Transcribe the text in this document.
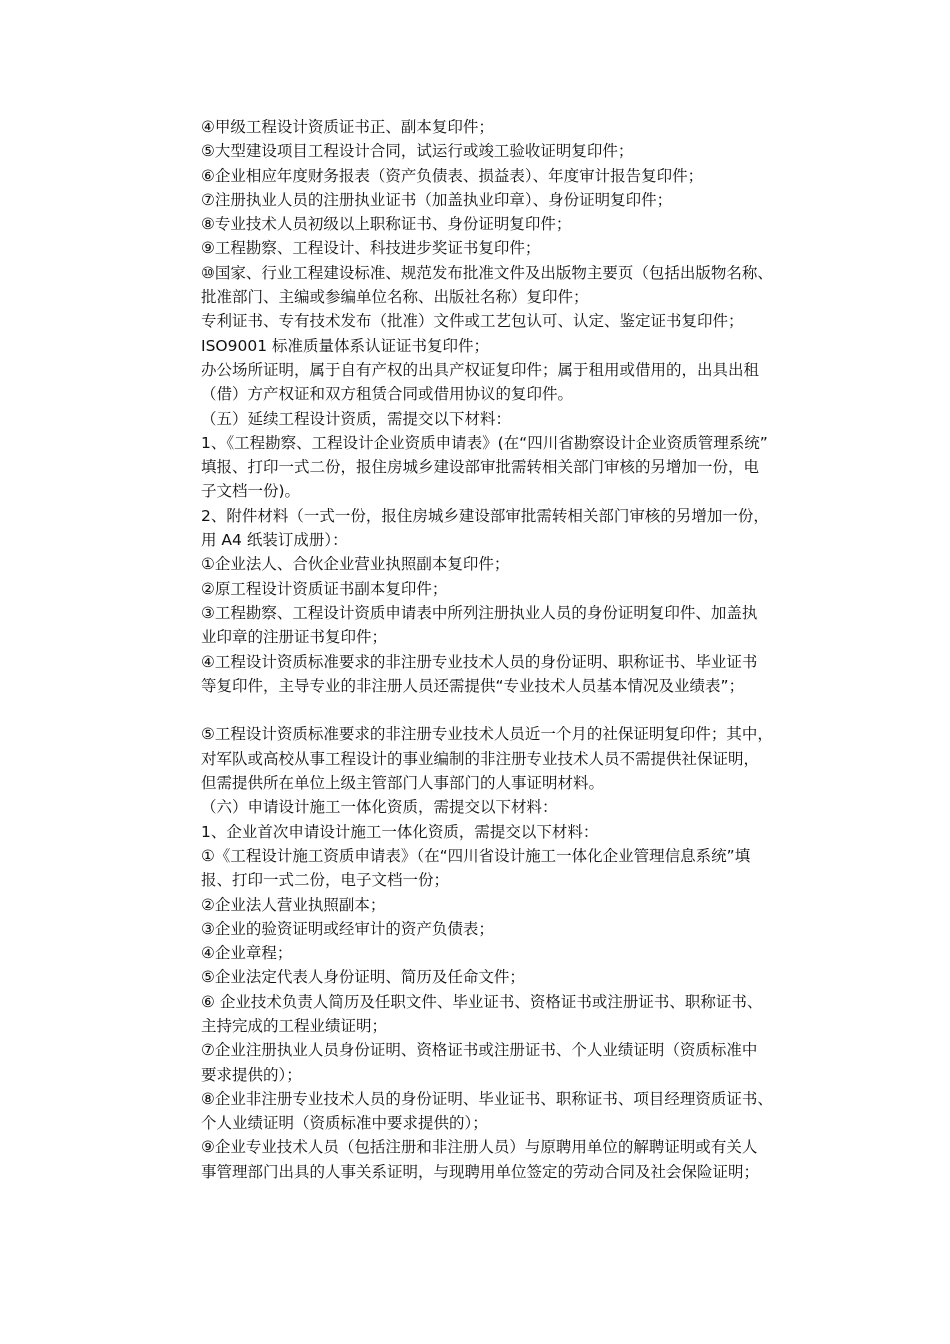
④甲级工程设计资质证书正、副本复印件；
⑤大型建设项目工程设计合同，试运行或竣工验收证明复印件；
⑥企业相应年度财务报表（资产负债表、损益表）、年度审计报告复印件；
⑦注册执业人员的注册执业证书（加盖执业印章）、身份证明复印件；
⑧专业技术人员初级以上职称证书、身份证明复印件；
⑨工程勘察、工程设计、科技进步奖证书复印件；
⑩国家、行业工程建设标准、规范发布批准文件及出版物主要页（包括出版物名称、
批准部门、主编或参编单位名称、出版社名称）复印件；
专利证书、专有技术发布（批准）文件或工艺包认可、认定、鉴定证书复印件；
ISO9001 标准质量体系认证证书复印件；
办公场所证明，属于自有产权的出具产权证复印件；属于租用或借用的，出具出租
（借）方产权证和双方租赁合同或借用协议的复印件。
（五）延续工程设计资质，需提交以下材料：
1、《工程勘察、工程设计企业资质申请表》(在“四川省勘察设计企业资质管理系统”
填报、打印一式二份，报住房城乡建设部审批需转相关部门审核的另增加一份，电
子文档一份)。
2、附件材料（一式一份，报住房城乡建设部审批需转相关部门审核的另增加一份，
用 A4 纸装订成册）：
①企业法人、合伙企业营业执照副本复印件；
②原工程设计资质证书副本复印件；
③工程勘察、工程设计资质申请表中所列注册执业人员的身份证明复印件、加盖执
业印章的注册证书复印件；
④工程设计资质标准要求的非注册专业技术人员的身份证明、职称证书、毕业证书
等复印件，主导专业的非注册人员还需提供“专业技术人员基本情况及业绩表”；
⑤工程设计资质标准要求的非注册专业技术人员近一个月的社保证明复印件；其中，
对军队或高校从事工程设计的事业编制的非注册专业技术人员不需提供社保证明，
但需提供所在单位上级主管部门人事部门的人事证明材料。
（六）申请设计施工一体化资质，需提交以下材料：
1、企业首次申请设计施工一体化资质，需提交以下材料：
①《工程设计施工资质申请表》（在“四川省设计施工一体化企业管理信息系统”填
报、打印一式二份，电子文档一份；
②企业法人营业执照副本；
③企业的验资证明或经审计的资产负债表；
④企业章程；
⑤企业法定代表人身份证明、简历及任命文件；
⑥ 企业技术负责人简历及任职文件、毕业证书、资格证书或注册证书、职称证书、
主持完成的工程业绩证明；
⑦企业注册执业人员身份证明、资格证书或注册证书、个人业绩证明（资质标准中
要求提供的）；
⑧企业非注册专业技术人员的身份证明、毕业证书、职称证书、项目经理资质证书、
个人业绩证明（资质标准中要求提供的）；
⑨企业专业技术人员（包括注册和非注册人员）与原聘用单位的解聘证明或有关人
事管理部门出具的人事关系证明，与现聘用单位签定的劳动合同及社会保险证明；
